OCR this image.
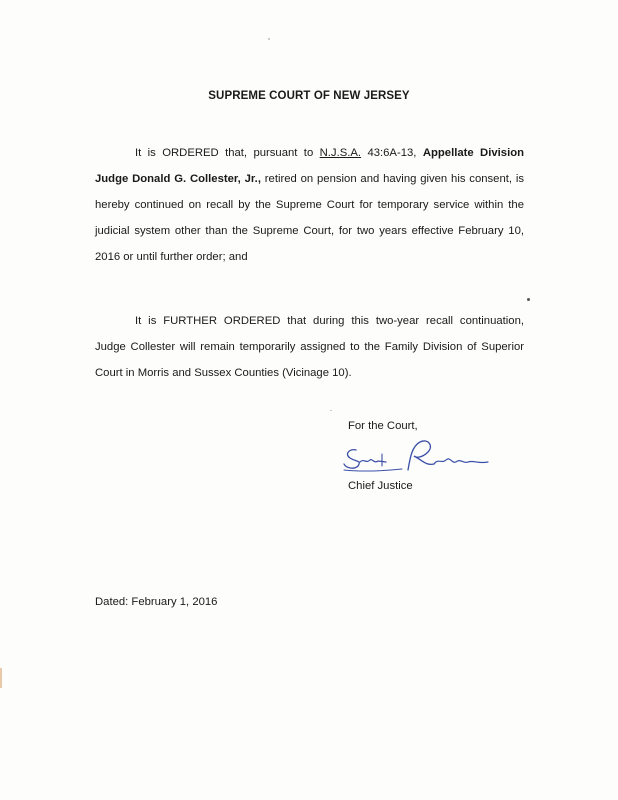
SUPREME COURT OF NEW JERSEY
It is ORDERED that, pursuant to N.J.S.A. 43:6A-13, Appellate Division Judge Donald G. Collester, Jr., retired on pension and having given his consent, is hereby continued on recall by the Supreme Court for temporary service within the judicial system other than the Supreme Court, for two years effective February 10, 2016 or until further order; and
It is FURTHER ORDERED that during this two-year recall continuation, Judge Collester will remain temporarily assigned to the Family Division of Superior Court in Morris and Sussex Counties (Vicinage 10).
For the Court,
Chief Justice
Dated: February 1, 2016
